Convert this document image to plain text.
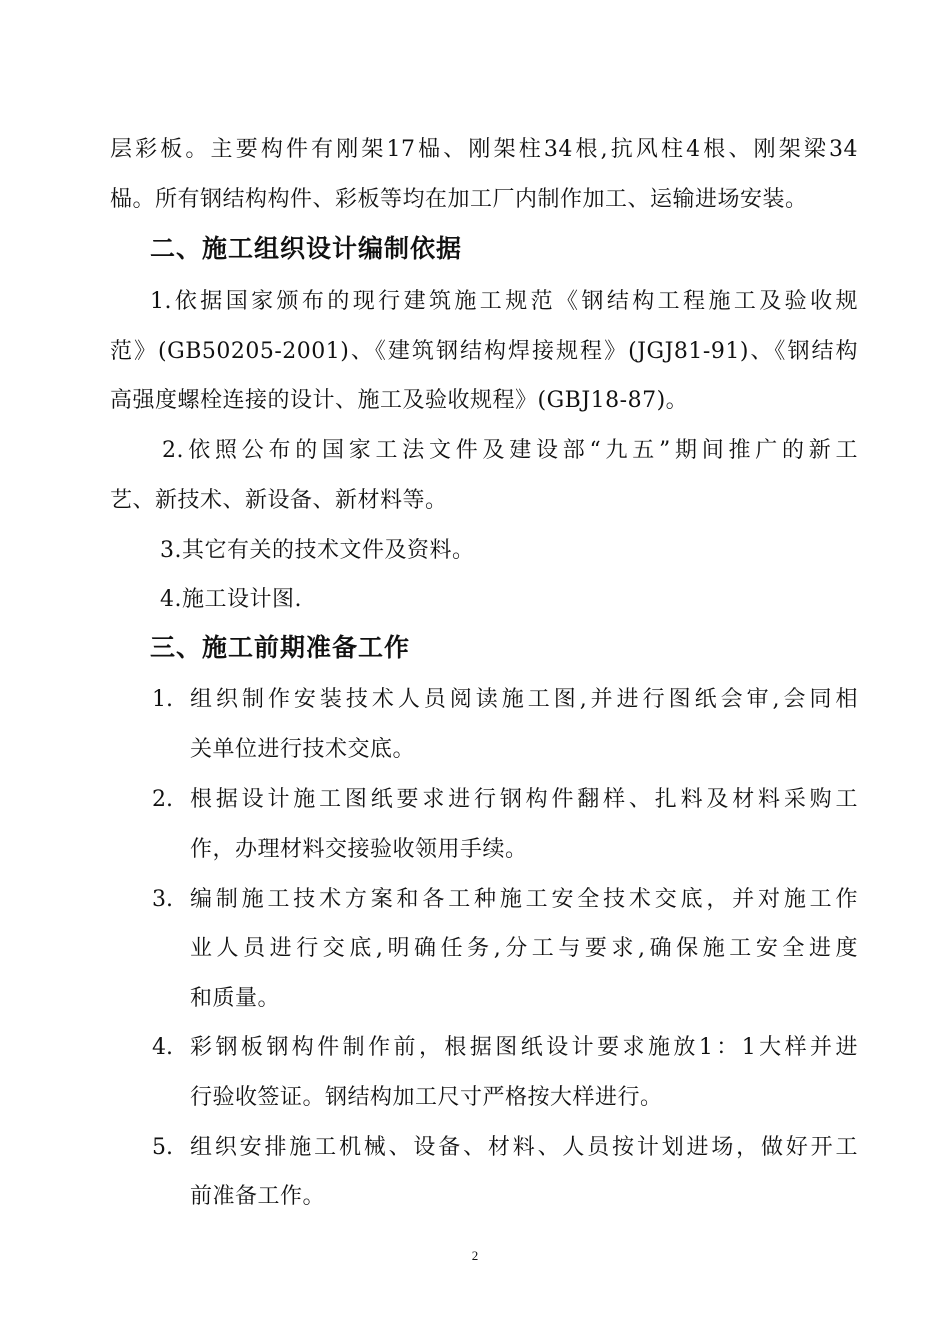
层彩板。主要构件有刚架17榀、刚架柱34根,抗风柱4根、刚架梁34
榀。所有钢结构构件、彩板等均在加工厂内制作加工、运输进场安装。
二、施工组织设计编制依据
1.依据国家颁布的现行建筑施工规范《钢结构工程施工及验收规
范》(GB50205-2001)、《建筑钢结构焊接规程》(JGJ81-91)、《钢结构
高强度螺栓连接的设计、施工及验收规程》(GBJ18-87)。
2.依照公布的国家工法文件及建设部“九五”期间推广的新工
艺、新技术、新设备、新材料等。
3.其它有关的技术文件及资料。
4.施工设计图.
三、施工前期准备工作
1. 组织制作安装技术人员阅读施工图,并进行图纸会审,会同相
关单位进行技术交底。
2. 根据设计施工图纸要求进行钢构件翻样、扎料及材料采购工
作，办理材料交接验收领用手续。
3. 编制施工技术方案和各工种施工安全技术交底，并对施工作
业人员进行交底,明确任务,分工与要求,确保施工安全进度
和质量。
4. 彩钢板钢构件制作前，根据图纸设计要求施放1：1大样并进
行验收签证。钢结构加工尺寸严格按大样进行。
5. 组织安排施工机械、设备、材料、人员按计划进场，做好开工
前准备工作。
2
